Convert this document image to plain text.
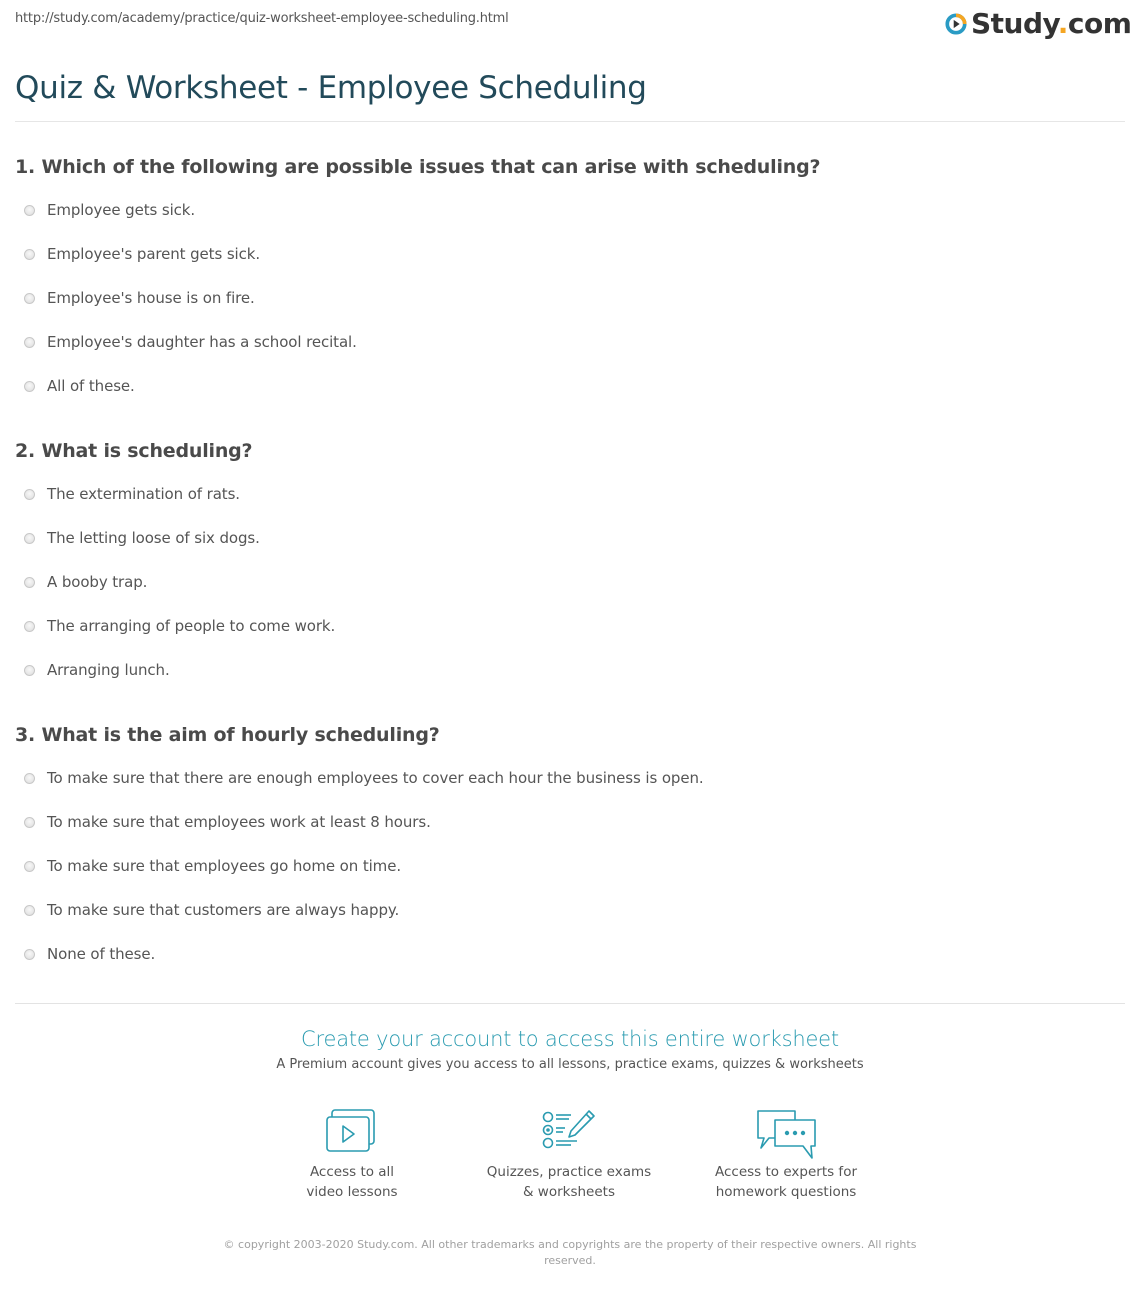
http://study.com/academy/practice/quiz-worksheet-employee-scheduling.html	Study.com
Quiz & Worksheet - Employee Scheduling
1. Which of the following are possible issues that can arise with scheduling?
Employee gets sick.
Employee's parent gets sick.
Employee's house is on fire.
Employee's daughter has a school recital.
All of these.
2. What is scheduling?
The extermination of rats.
The letting loose of six dogs.
A booby trap.
The arranging of people to come work.
Arranging lunch.
3. What is the aim of hourly scheduling?
To make sure that there are enough employees to cover each hour the business is open.
To make sure that employees work at least 8 hours.
To make sure that employees go home on time.
To make sure that customers are always happy.
None of these.
Create your account to access this entire worksheet
A Premium account gives you access to all lessons, practice exams, quizzes & worksheets
Access to all
video lessons
Quizzes, practice exams
& worksheets
Access to experts for
homework questions
© copyright 2003-2020 Study.com. All other trademarks and copyrights are the property of their respective owners. All rights
reserved.
